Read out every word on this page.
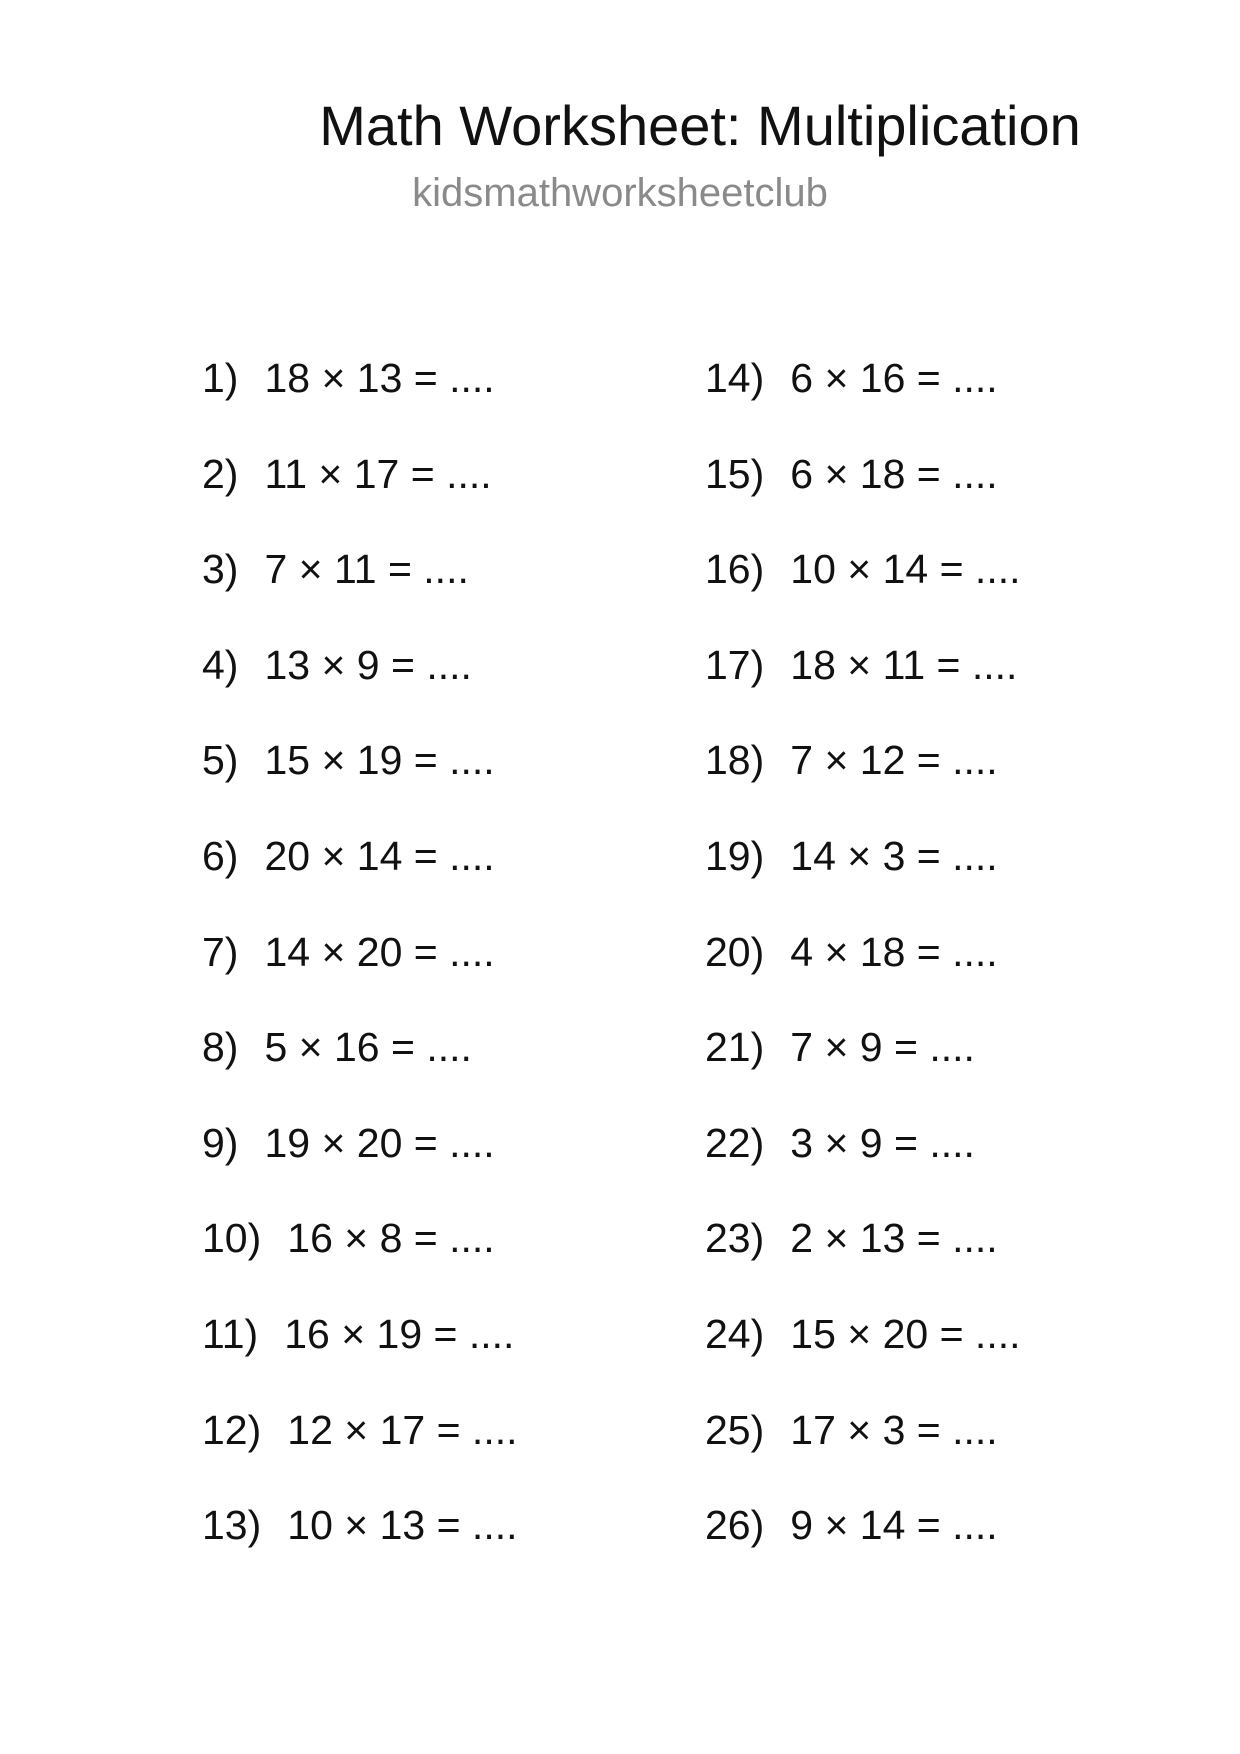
Math Worksheet: Multiplication
kidsmathworksheetclub
1) 18 × 13 = ....
2) 11 × 17 = ....
3) 7 × 11 = ....
4) 13 × 9 = ....
5) 15 × 19 = ....
6) 20 × 14 = ....
7) 14 × 20 = ....
8) 5 × 16 = ....
9) 19 × 20 = ....
10) 16 × 8 = ....
11) 16 × 19 = ....
12) 12 × 17 = ....
13) 10 × 13 = ....
14) 6 × 16 = ....
15) 6 × 18 = ....
16) 10 × 14 = ....
17) 18 × 11 = ....
18) 7 × 12 = ....
19) 14 × 3 = ....
20) 4 × 18 = ....
21) 7 × 9 = ....
22) 3 × 9 = ....
23) 2 × 13 = ....
24) 15 × 20 = ....
25) 17 × 3 = ....
26) 9 × 14 = ....
